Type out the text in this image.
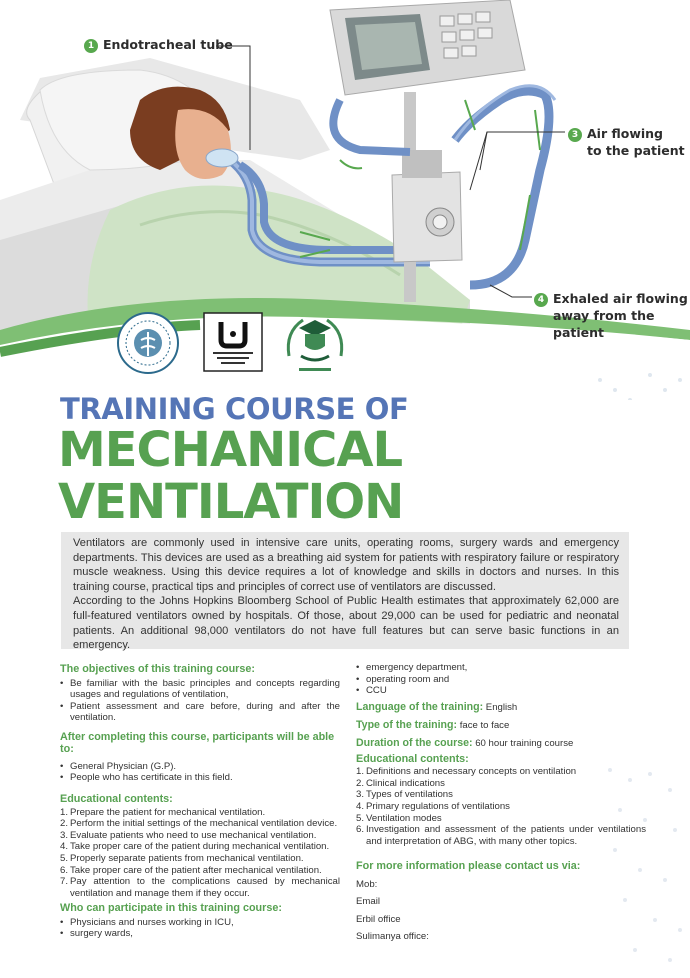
1 Endotracheal tube
3 Air flowing
to the patient
4 Exhaled air flowing
away from the patient
TRAINING COURSE OF
MECHANICAL
VENTILATION

Ventilators are commonly used in intensive care units, operating rooms, surgery wards and emergency departments. This devices are used as a breathing aid system for patients with respiratory failure or respiratory muscle weakness. Using this device requires a lot of knowledge and skills in doctors and nurses. In this training course, practical tips and principles of correct use of ventilators are discussed.

According to the Johns Hopkins Bloomberg School of Public Health estimates that approximately 62,000 are full-featured ventilators owned by hospitals. Of those, about 29,000 can be used for pediatric and neonatal patients. An additional 98,000 ventilators do not have full features but can serve basic functions in an emergency.

The objectives of this training course:

• Be familiar with the basic principles and concepts regarding usages and regulations of ventilation,
• Patient assessment and care before, during and after the ventilation.

After completing this course, participants will be able to:

• General Physician (G.P).
• People who has certificate in this field.

Educational contents:

1. Prepare the patient for mechanical ventilation.
2. Perform the initial settings of the mechanical ventilation device.
3. Evaluate patients who need to use mechanical ventilation.
4. Take proper care of the patient during mechanical ventilation.
5. Properly separate patients from mechanical ventilation.
6. Take proper care of the patient after mechanical ventilation.
7. Pay attention to the complications caused by mechanical ventilation and manage them if they occur.

Who can participate in this training course:

• Physicians and nurses working in ICU,
• surgery wards,
• emergency department,
• operating room and
• CCU

Language of the training: English

Type of the training: face to face

Duration of the course: 60 hour training course

Educational contents:

1. Definitions and necessary concepts on ventilation
2. Clinical indications
3. Types of ventilations
4. Primary regulations of ventilations
5. Ventilation modes
6. Investigation and assessment of the patients under ventilations and interpretation of ABG, with many other topics.

For more information please contact us via:

Mob:
Email
Erbil office
Sulimanya office:
